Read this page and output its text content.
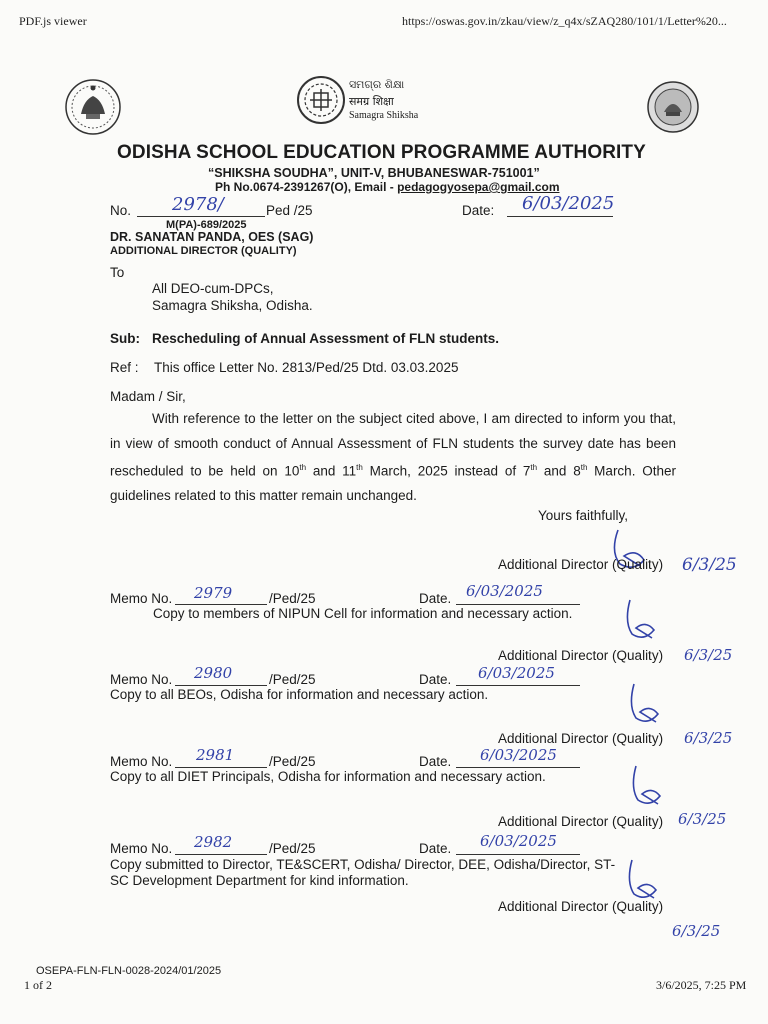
PDF.js viewer	https://oswas.gov.in/zkau/view/z_q4x/sZAQ280/101/1/Letter%20...
ସମଗ୍ର ଶିକ୍ଷା
समग्र शिक्षा
Samagra Shiksha
ODISHA SCHOOL EDUCATION PROGRAMME AUTHORITY
“SHIKSHA SOUDHA”, UNIT-V, BHUBANESWAR-751001”
Ph No.0674-2391267(O), Email - pedagogyosepa@gmail.com
No. 2978/	Ped /25	Date: 6/03/2025
M(PA)-689/2025
DR. SANATAN PANDA, OES (SAG)
ADDITIONAL DIRECTOR (QUALITY)
To
All DEO-cum-DPCs,
Samagra Shiksha, Odisha.
Sub: Rescheduling of Annual Assessment of FLN students.
Ref : This office Letter No. 2813/Ped/25 Dtd. 03.03.2025
Madam / Sir,
With reference to the letter on the subject cited above, I am directed to inform you that, in view of smooth conduct of Annual Assessment of FLN students the survey date has been rescheduled to be held on 10th and 11th March, 2025 instead of 7th and 8th March. Other guidelines related to this matter remain unchanged.
Yours faithfully,
Additional Director (Quality) 6/3/25
Memo No. 2979	/Ped/25	Date. 6/03/2025
Copy to members of NIPUN Cell for information and necessary action.
Additional Director (Quality) 6/3/25
Memo No. 2980	/Ped/25	Date. 6/03/2025
Copy to all BEOs, Odisha for information and necessary action.
Additional Director (Quality) 6/3/25
Memo No. 2981	/Ped/25	Date. 6/03/2025
Copy to all DIET Principals, Odisha for information and necessary action.
Additional Director (Quality) 6/3/25
Memo No. 2982	/Ped/25	Date. 6/03/2025
Copy submitted to Director, TE&SCERT, Odisha/ Director, DEE, Odisha/Director, ST-
SC Development Department for kind information.
Additional Director (Quality)
6/3/25
OSEPA-FLN-FLN-0028-2024/01/2025
1 of 2	3/6/2025, 7:25 PM
